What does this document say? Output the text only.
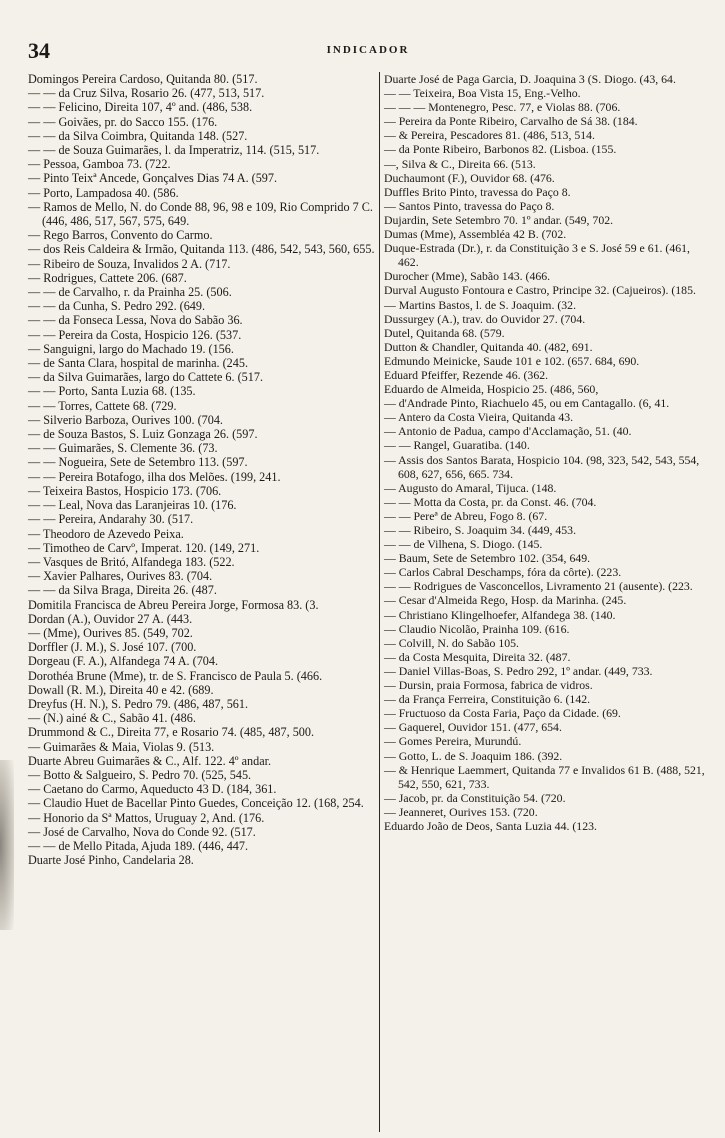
34	INDICADOR
Domingos Pereira Cardoso, Quitanda 80. (517.
— — da Cruz Silva, Rosario 26. (477, 513, 517.
— — Felicino, Direita 107, 4º and. (486, 538.
— — Goivães, pr. do Sacco 155. (176.
— — da Silva Coimbra, Quitanda 148. (527.
— — de Souza Guimarães, l. da Imperatriz, 114. (515, 517.
— Pessoa, Gamboa 73. (722.
— Pinto Teixª Ancede, Gonçalves Dias 74 A. (597.
— Porto, Lampadosa 40. (586.
— Ramos de Mello, N. do Conde 88, 96, 98 e 109, Rio Comprido 7 C. (446, 486, 517, 567, 575, 649.
— Rego Barros, Convento do Carmo.
— dos Reis Caldeira & Irmão, Quitanda 113. (486, 542, 543, 560, 655.
— Ribeiro de Souza, Invalidos 2 A. (717.
— Rodrigues, Cattete 206. (687.
— — de Carvalho, r. da Prainha 25. (506.
— — da Cunha, S. Pedro 292. (649.
— — da Fonseca Lessa, Nova do Sabão 36.
— — Pereira da Costa, Hospicio 126. (537.
— Sanguigni, largo do Machado 19. (156.
— de Santa Clara, hospital de marinha. (245.
— da Silva Guimarães, largo do Cattete 6. (517.
— — Porto, Santa Luzia 68. (135.
— — Torres, Cattete 68. (729.
— Silverio Barboza, Ourives 100. (704.
— de Souza Bastos, S. Luiz Gonzaga 26. (597.
— — Guimarães, S. Clemente 36. (73.
— — Nogueira, Sete de Setembro 113. (597.
— — Pereira Botafogo, ilha dos Melões. (199, 241.
— Teixeira Bastos, Hospicio 173. (706.
— — Leal, Nova das Laranjeiras 10. (176.
— — Pereira, Andarahy 30. (517.
— Theodoro de Azevedo Peixa.
— Timotheo de Carvº, Imperat. 120. (149, 271.
— Vasques de Britó, Alfandega 183. (522.
— Xavier Palhares, Ourives 83. (704.
— — da Silva Braga, Direita 26. (487.
Domitila Francisca de Abreu Pereira Jorge, Formosa 83. (3.
Dordan (A.), Ouvidor 27 A. (443.
— (Mme), Ourives 85. (549, 702.
Dorffler (J. M.), S. José 107. (700.
Dorgeau (F. A.), Alfandega 74 A. (704.
Dorothéa Brune (Mme), tr. de S. Francisco de Paula 5. (466.
Dowall (R. M.), Direita 40 e 42. (689.
Dreyfus (H. N.), S. Pedro 79. (486, 487, 561.
— (N.) ainé & C., Sabão 41. (486.
Drummond & C., Direita 77, e Rosario 74. (485, 487, 500.
— Guimarães & Maia, Violas 9. (513.
Duarte Abreu Guimarães & C., Alf. 122. 4º andar.
— Botto & Salgueiro, S. Pedro 70. (525, 545.
— Caetano do Carmo, Aqueducto 43 D. (184, 361.
— Claudio Huet de Bacellar Pinto Guedes, Conceição 12. (168, 254.
— Honorio da Sª Mattos, Uruguay 2, And. (176.
— José de Carvalho, Nova do Conde 92. (517.
— — de Mello Pitada, Ajuda 189. (446, 447.
Duarte José Pinho, Candelaria 28.
Duarte José de Paga Garcia, D. Joaquina 3 (S. Diogo. (43, 64.
— — Teixeira, Boa Vista 15, Eng.-Velho.
— — — Montenegro, Pesc. 77, e Violas 88. (706.
— Pereira da Ponte Ribeiro, Carvalho de Sá 38. (184.
— & Pereira, Pescadores 81. (486, 513, 514.
— da Ponte Ribeiro, Barbonos 82. (Lisboa. (155.
—, Silva & C., Direita 66. (513.
Duchaumont (F.), Ouvidor 68. (476.
Duffles Brito Pinto, travessa do Paço 8.
— Santos Pinto, travessa do Paço 8.
Dujardin, Sete Setembro 70. 1º andar. (549, 702.
Dumas (Mme), Assembléa 42 B. (702.
Duque-Estrada (Dr.), r. da Constituição 3 e S. José 59 e 61. (461, 462.
Durocher (Mme), Sabão 143. (466.
Durval Augusto Fontoura e Castro, Principe 32. (Cajueiros). (185.
— Martins Bastos, l. de S. Joaquim. (32.
Dussurgey (A.), trav. do Ouvidor 27. (704.
Dutel, Quitanda 68. (579.
Dutton & Chandler, Quitanda 40. (482, 691.
Edmundo Meinicke, Saude 101 e 102. (657. 684, 690.
Eduard Pfeiffer, Rezende 46. (362.
Eduardo de Almeida, Hospicio 25. (486, 560,
— d'Andrade Pinto, Riachuelo 45, ou em Cantagallo. (6, 41.
— Antero da Costa Vieira, Quitanda 43.
— Antonio de Padua, campo d'Acclamação, 51. (40.
— — Rangel, Guaratiba. (140.
— Assis dos Santos Barata, Hospicio 104. (98, 323, 542, 543, 554, 608, 627, 656, 665. 734.
— Augusto do Amaral, Tijuca. (148.
— — Motta da Costa, pr. da Const. 46. (704.
— — Pereª de Abreu, Fogo 8. (67.
— — Ribeiro, S. Joaquim 34. (449, 453.
— — de Vilhena, S. Diogo. (145.
— Baum, Sete de Setembro 102. (354, 649.
— Carlos Cabral Deschamps, fóra da côrte). (223.
— — Rodrigues de Vasconcellos, Livramento 21 (ausente). (223.
— Cesar d'Almeida Rego, Hosp. da Marinha. (245.
— Christiano Klingelhoefer, Alfandega 38. (140.
— Claudio Nicolão, Prainha 109. (616.
— Colvill, N. do Sabão 105.
— da Costa Mesquita, Direita 32. (487.
— Daniel Villas-Boas, S. Pedro 292, 1º andar. (449, 733.
— Dursin, praia Formosa, fabrica de vidros.
— da França Ferreira, Constituição 6. (142.
— Fructuoso da Costa Faria, Paço da Cidade. (69.
— Gaquerel, Ouvidor 151. (477, 654.
— Gomes Pereira, Murundú.
— Gotto, L. de S. Joaquim 186. (392.
— & Henrique Laemmert, Quitanda 77 e Invalidos 61 B. (488, 521, 542, 550, 621, 733.
— Jacob, pr. da Constituição 54. (720.
— Jeanneret, Ourives 153. (720.
Eduardo João de Deos, Santa Luzia 44. (123.
